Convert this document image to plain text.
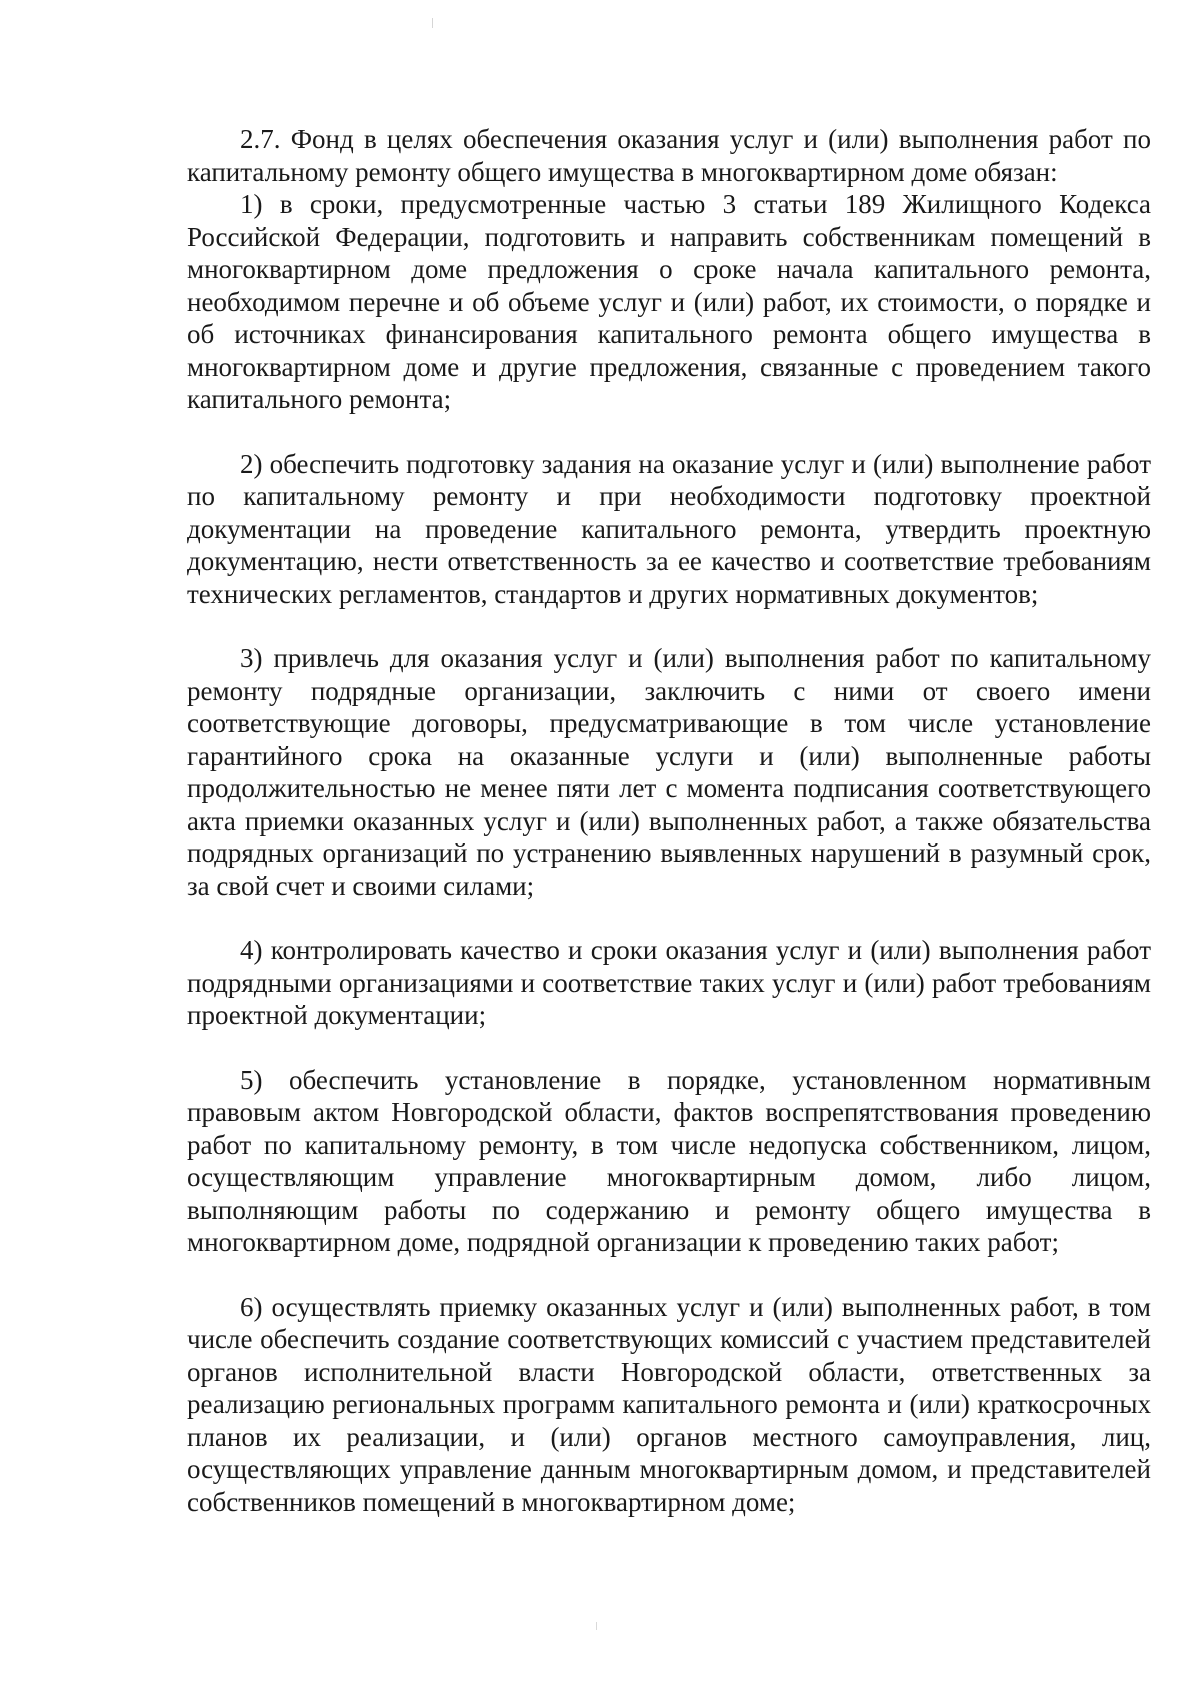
2.7. Фонд в целях обеспечения оказания услуг и (или) выполнения работ по капитальному ремонту общего имущества в многоквартирном доме обязан:

1) в сроки, предусмотренные частью 3 статьи 189 Жилищного Кодекса Российской Федерации, подготовить и направить собственникам помещений в многоквартирном доме предложения о сроке начала капитального ремонта, необходимом перечне и об объеме услуг и (или) работ, их стоимости, о порядке и об источниках финансирования капитального ремонта общего имущества в многоквартирном доме и другие предложения, связанные с проведением такого капитального ремонта;

2) обеспечить подготовку задания на оказание услуг и (или) выполнение работ по капитальному ремонту и при необходимости подготовку проектной документации на проведение капитального ремонта, утвердить проектную документацию, нести ответственность за ее качество и соответствие требованиям технических регламентов, стандартов и других нормативных документов;

3) привлечь для оказания услуг и (или) выполнения работ по капитальному ремонту подрядные организации, заключить с ними от своего имени соответствующие договоры, предусматривающие в том числе установление гарантийного срока на оказанные услуги и (или) выполненные работы продолжительностью не менее пяти лет с момента подписания соответствующего акта приемки оказанных услуг и (или) выполненных работ, а также обязательства подрядных организаций по устранению выявленных нарушений в разумный срок, за свой счет и своими силами;

4) контролировать качество и сроки оказания услуг и (или) выполнения работ подрядными организациями и соответствие таких услуг и (или) работ требованиям проектной документации;

5) обеспечить установление в порядке, установленном нормативным правовым актом Новгородской области, фактов воспрепятствования проведению работ по капитальному ремонту, в том числе недопуска собственником, лицом, осуществляющим управление многоквартирным домом, либо лицом, выполняющим работы по содержанию и ремонту общего имущества в многоквартирном доме, подрядной организации к проведению таких работ;

6) осуществлять приемку оказанных услуг и (или) выполненных работ, в том числе обеспечить создание соответствующих комиссий с участием представителей органов исполнительной власти Новгородской области, ответственных за реализацию региональных программ капитального ремонта и (или) краткосрочных планов их реализации, и (или) органов местного самоуправления, лиц, осуществляющих управление данным многоквартирным домом, и представителей собственников помещений в многоквартирном доме;
